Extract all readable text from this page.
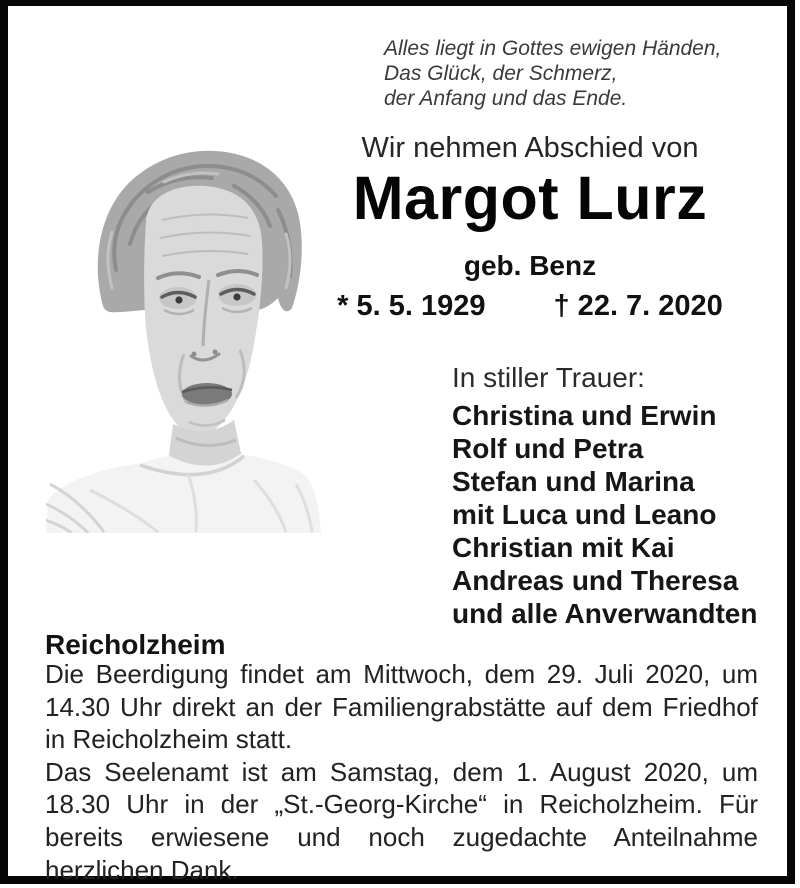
Alles liegt in Gottes ewigen Händen,
Das Glück, der Schmerz,
der Anfang und das Ende.
Wir nehmen Abschied von
Margot Lurz
geb. Benz
* 5. 5. 1929 † 22. 7. 2020
In stiller Trauer:
Christina und Erwin
Rolf und Petra
Stefan und Marina
mit Luca und Leano
Christian mit Kai
Andreas und Theresa
und alle Anverwandten
Reicholzheim

Die Beerdigung findet am Mittwoch, dem 29. Juli 2020, um 14.30 Uhr direkt an der Familiengrabstätte auf dem Friedhof in Reicholzheim statt.

Das Seelenamt ist am Samstag, dem 1. August 2020, um 18.30 Uhr in der „St.-Georg-Kirche“ in Reicholzheim. Für bereits erwiesene und noch zugedachte Anteilnahme herzlichen Dank.
